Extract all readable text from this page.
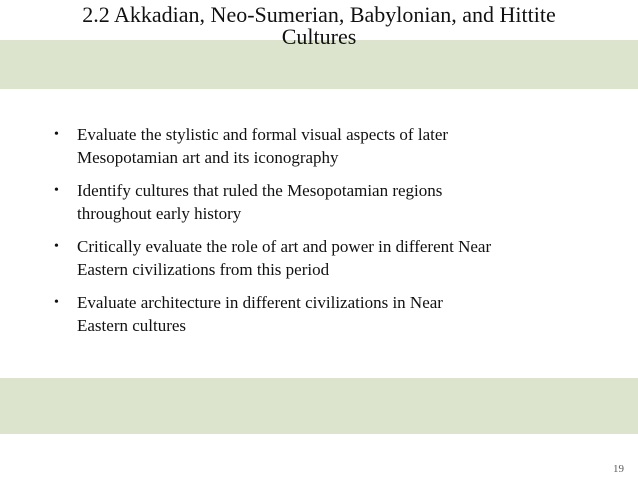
2.2 Akkadian, Neo-Sumerian, Babylonian, and Hittite
Cultures
• Evaluate the stylistic and formal visual aspects of later
Mesopotamian art and its iconography
• Identify cultures that ruled the Mesopotamian regions
throughout early history
• Critically evaluate the role of art and power in different Near
Eastern civilizations from this period
• Evaluate architecture in different civilizations in Near
Eastern cultures
19
